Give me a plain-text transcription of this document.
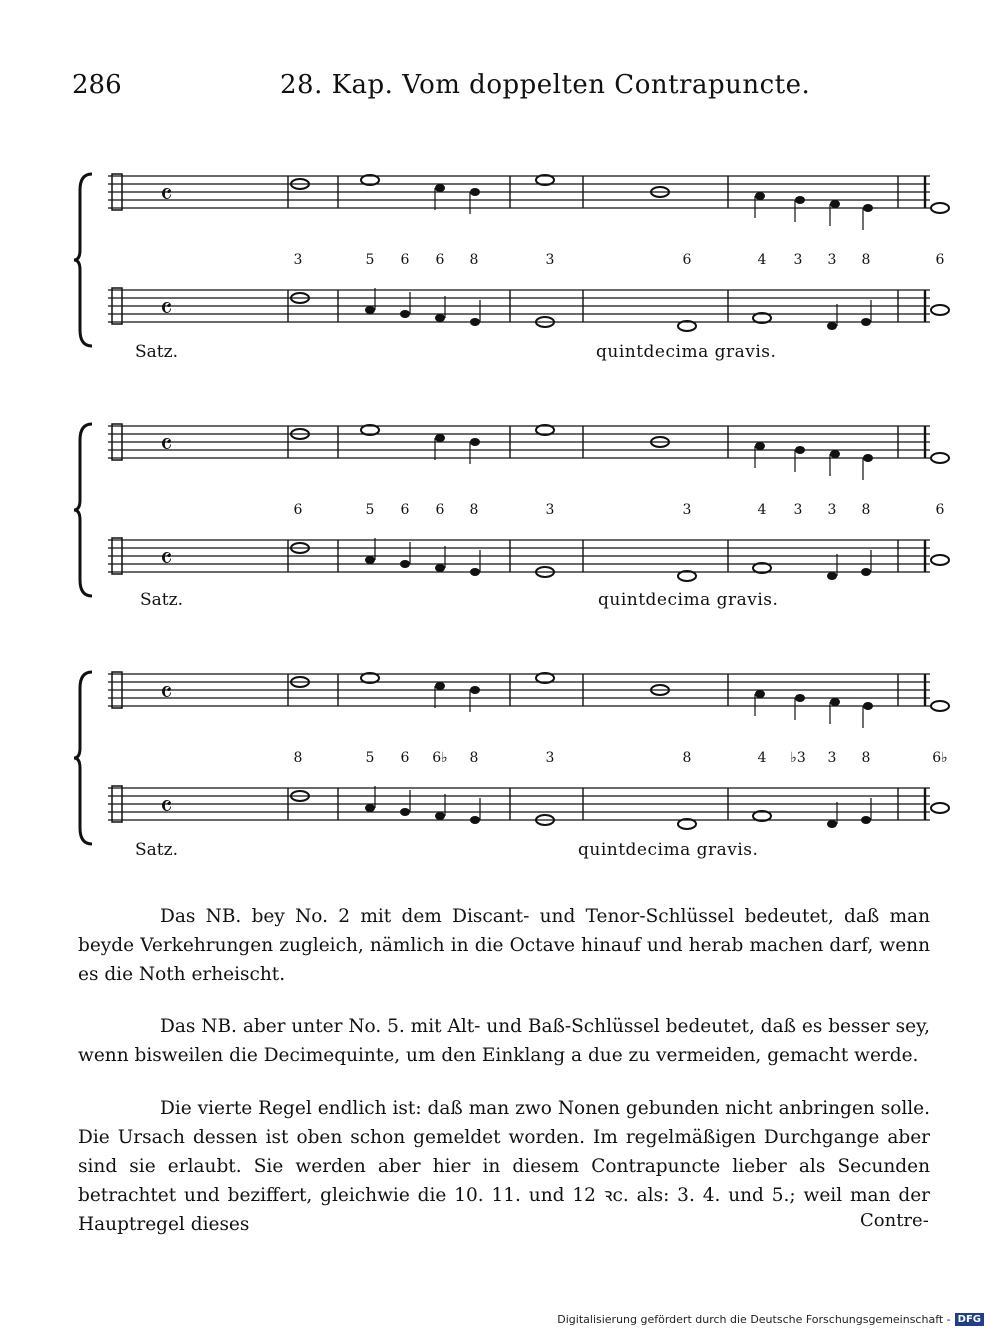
286	28. Kap. Vom doppelten Contrapuncte.
𝄴
𝄴
3	5 6 6 8	3	6	4 3 3 8	6
Satz.	quintdecima gravis.
𝄴
𝄴
6	5 6 6 8	3	3	4 3 3 8	6
Satz.	quintdecima gravis.
𝄴
𝄴
8	5 6 6♭ 8	3	8	4 ♭3 3 8	6♭
Satz.	quintdecima gravis.

Das NB. bey No. 2 mit dem Discant- und Tenor-Schlüssel bedeutet, daß man beyde Verkehrungen zugleich, nämlich in die Octave hinauf und herab machen darf, wenn es die Noth erheischt.

Das NB. aber unter No. 5. mit Alt- und Baß-Schlüssel bedeutet, daß es besser sey, wenn bisweilen die Decimequinte, um den Einklang a due zu vermeiden, gemacht werde.

Die vierte Regel endlich ist: daß man zwo Nonen gebunden nicht anbringen solle. Die Ursach dessen ist oben schon gemeldet worden. Im regelmäßigen Durchgange aber sind sie erlaubt. Sie werden aber hier in diesem Contrapuncte lieber als Secunden betrachtet und beziffert, gleichwie die 10. 11. und 12 ꝛc. als: 3. 4. und 5.; weil man der Hauptregel dieses	Contre-
Digitalisierung gefördert durch die Deutsche Forschungsgemeinschaft - DFG
